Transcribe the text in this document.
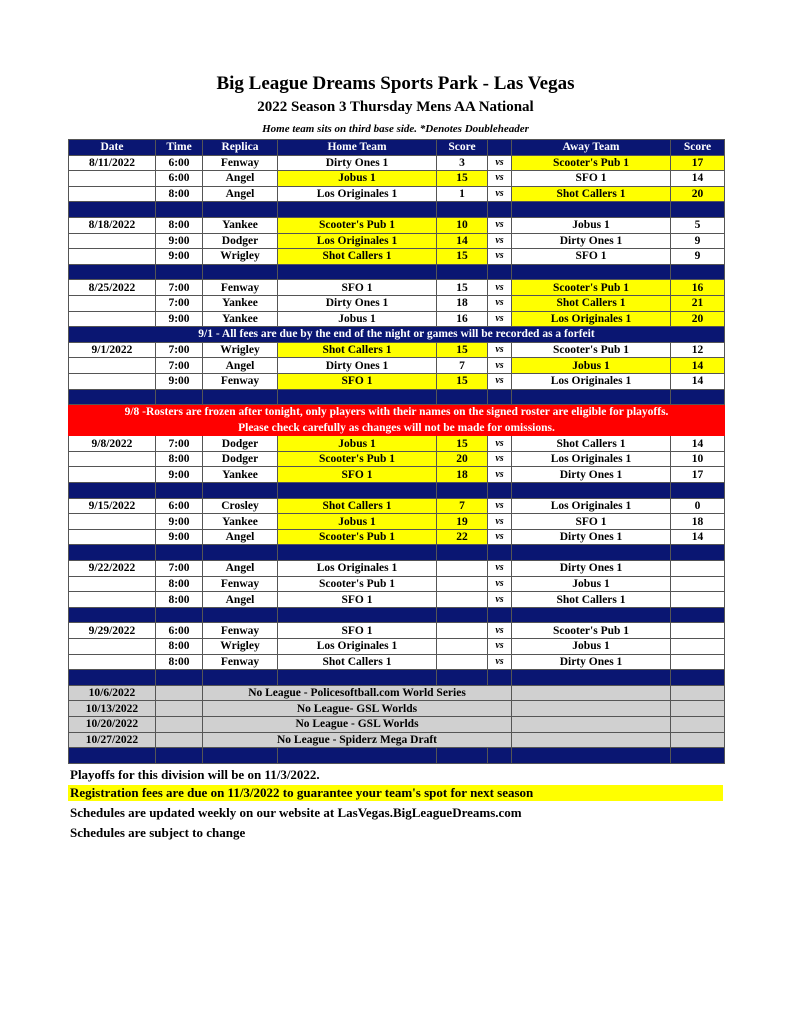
Big League Dreams Sports Park - Las Vegas
2022 Season 3 Thursday Mens AA National
Home team sits on third base side. *Denotes Doubleheader
Date	Time	Replica	Home Team	Score		Away Team	Score
8/11/2022	6:00	Fenway	Dirty Ones 1	3	vs	Scooter's Pub 1	17
	6:00	Angel	Jobus 1	15	vs	SFO 1	14
	8:00	Angel	Los Originales 1	1	vs	Shot Callers 1	20

8/18/2022	8:00	Yankee	Scooter's Pub 1	10	vs	Jobus 1	5
	9:00	Dodger	Los Originales 1	14	vs	Dirty Ones 1	9
	9:00	Wrigley	Shot Callers 1	15	vs	SFO 1	9

8/25/2022	7:00	Fenway	SFO 1	15	vs	Scooter's Pub 1	16
	7:00	Yankee	Dirty Ones 1	18	vs	Shot Callers 1	21
	9:00	Yankee	Jobus 1	16	vs	Los Originales 1	20
9/1 - All fees are due by the end of the night or games will be recorded as a forfeit							
9/1/2022	7:00	Wrigley	Shot Callers 1	15	vs	Scooter's Pub 1	12
	7:00	Angel	Dirty Ones 1	7	vs	Jobus 1	14
	9:00	Fenway	SFO 1	15	vs	Los Originales 1	14

9/8 -Rosters are frozen after tonight, only players with their names on the signed roster are eligible for playoffs.							
Please check carefully as changes will not be made for omissions.							
9/8/2022	7:00	Dodger	Jobus 1	15	vs	Shot Callers 1	14
	8:00	Dodger	Scooter's Pub 1	20	vs	Los Originales 1	10
	9:00	Yankee	SFO 1	18	vs	Dirty Ones 1	17

9/15/2022	6:00	Crosley	Shot Callers 1	7	vs	Los Originales 1	0
	9:00	Yankee	Jobus 1	19	vs	SFO 1	18
	9:00	Angel	Scooter's Pub 1	22	vs	Dirty Ones 1	14

9/22/2022	7:00	Angel	Los Originales 1		vs	Dirty Ones 1	
	8:00	Fenway	Scooter's Pub 1		vs	Jobus 1	
	8:00	Angel	SFO 1		vs	Shot Callers 1	

9/29/2022	6:00	Fenway	SFO 1		vs	Scooter's Pub 1	
	8:00	Wrigley	Los Originales 1		vs	Jobus 1	
	8:00	Fenway	Shot Callers 1		vs	Dirty Ones 1	

10/6/2022		No League - Policesoftball.com World Series					
10/13/2022		No League- GSL Worlds					
10/20/2022		No League - GSL Worlds					
10/27/2022		No League - Spiderz Mega Draft					

Playoffs for this division will be on 11/3/2022.
Registration fees are due on 11/3/2022 to guarantee your team's spot for next season
Schedules are updated weekly on our website at LasVegas.BigLeagueDreams.com
Schedules are subject to change
